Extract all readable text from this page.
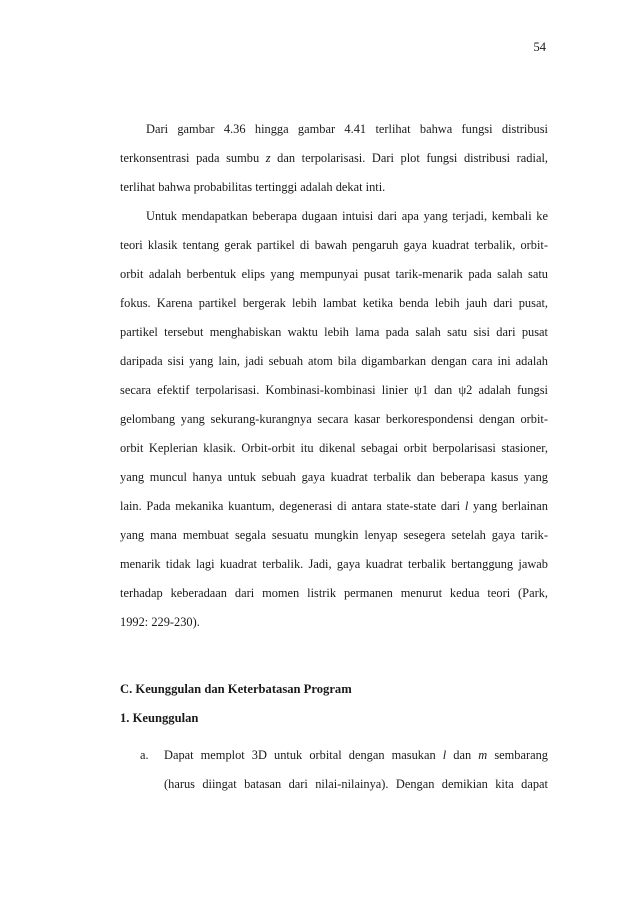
54

Dari gambar 4.36 hingga gambar 4.41 terlihat bahwa fungsi distribusi
terkonsentrasi pada sumbu z dan terpolarisasi. Dari plot fungsi distribusi radial,
terlihat bahwa probabilitas tertinggi adalah dekat inti.

Untuk mendapatkan beberapa dugaan intuisi dari apa yang terjadi, kembali ke
teori klasik tentang gerak partikel di bawah pengaruh gaya kuadrat terbalik, orbit-
orbit adalah berbentuk elips yang mempunyai pusat tarik-menarik pada salah satu
fokus. Karena partikel bergerak lebih lambat ketika benda lebih jauh dari pusat,
partikel tersebut menghabiskan waktu lebih lama pada salah satu sisi dari pusat
daripada sisi yang lain, jadi sebuah atom bila digambarkan dengan cara ini adalah
secara efektif terpolarisasi. Kombinasi-kombinasi linier ψ1 dan ψ2 adalah fungsi
gelombang yang sekurang-kurangnya secara kasar berkorespondensi dengan orbit-
orbit Keplerian klasik. Orbit-orbit itu dikenal sebagai orbit berpolarisasi stasioner,
yang muncul hanya untuk sebuah gaya kuadrat terbalik dan beberapa kasus yang
lain. Pada mekanika kuantum, degenerasi di antara state-state dari l yang berlainan
yang mana membuat segala sesuatu mungkin lenyap sesegera setelah gaya tarik-
menarik tidak lagi kuadrat terbalik. Jadi, gaya kuadrat terbalik bertanggung jawab
terhadap keberadaan dari momen listrik permanen menurut kedua teori (Park,
1992: 229-230).

C. Keunggulan dan Keterbatasan Program
1. Keunggulan
a. Dapat memplot 3D untuk orbital dengan masukan l dan m sembarang
(harus diingat batasan dari nilai-nilainya). Dengan demikian kita dapat
